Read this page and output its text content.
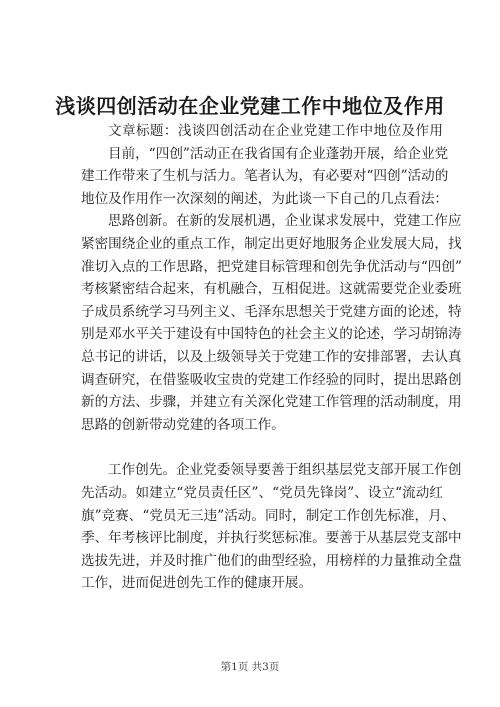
浅谈四创活动在企业党建工作中地位及作用
文章标题：浅谈四创活动在企业党建工作中地位及作用
目前，“四创”活动正在我省国有企业蓬勃开展，给企业党
建工作带来了生机与活力。笔者认为，有必要对“四创”活动的
地位及作用作一次深刻的阐述，为此谈一下自己的几点看法：
思路创新。在新的发展机遇，企业谋求发展中，党建工作应
紧密围绕企业的重点工作，制定出更好地服务企业发展大局，找
准切入点的工作思路，把党建目标管理和创先争优活动与“四创”
考核紧密结合起来，有机融合，互相促进。这就需要党企业委班
子成员系统学习马列主义、毛泽东思想关于党建方面的论述，特
别是邓水平关于建设有中国特色的社会主义的论述，学习胡锦涛
总书记的讲话，以及上级领导关于党建工作的安排部署，去认真
调查研究，在借鉴吸收宝贵的党建工作经验的同时，提出思路创
新的方法、步骤，并建立有关深化党建工作管理的活动制度，用
思路的创新带动党建的各项工作。
工作创先。企业党委领导要善于组织基层党支部开展工作创
先活动。如建立“党员责任区”、“党员先锋岗”、设立“流动红
旗”竞赛、“党员无三违”活动。同时，制定工作创先标准，月、
季、年考核评比制度，并执行奖惩标准。要善于从基层党支部中
选拔先进，并及时推广他们的曲型经验，用榜样的力量推动全盘
工作，进而促进创先工作的健康开展。
第1页 共3页
